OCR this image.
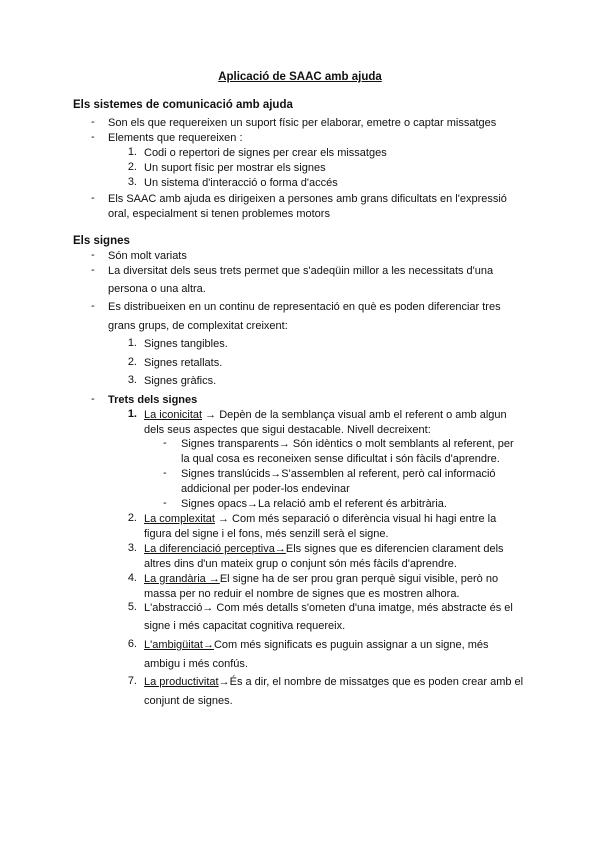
Aplicació de SAAC amb ajuda
Els sistemes de comunicació amb ajuda
- Son els que requereixen un suport físic per elaborar, emetre o captar missatges
- Elements que requereixen :
1. Codi o repertori de signes per crear els missatges
2. Un suport físic per mostrar els signes
3. Un sistema d'interacció o forma d'accés
- Els SAAC amb ajuda es dirigeixen a persones amb grans dificultats en l'expressió
oral, especialment si tenen problemes motors
Els signes
- Són molt variats
- La diversitat dels seus trets permet que s'adeqüin millor a les necessitats d'una
persona o una altra.
- Es distribueixen en un continu de representació en què es poden diferenciar tres
grans grups, de complexitat creixent:
1. Signes tangibles.
2. Signes retallats.
3. Signes gràfics.
- Trets dels signes
1. La iconicitat → Depèn de la semblança visual amb el referent o amb algun
dels seus aspectes que sigui destacable. Nivell decreixent:
- Signes transparents→ Són idèntics o molt semblants al referent, per
la qual cosa es reconeixen sense dificultat i són fàcils d'aprendre.
- Signes translúcids→S'assemblen al referent, però cal informació
addicional per poder-los endevinar
- Signes opacs→La relació amb el referent és arbitrària.
2. La complexitat → Com més separació o diferència visual hi hagi entre la
figura del signe i el fons, més senzill serà el signe.
3. La diferenciació perceptiva→Els signes que es diferencien clarament dels
altres dins d'un mateix grup o conjunt són més fàcils d'aprendre.
4. La grandària →El signe ha de ser prou gran perquè sigui visible, però no
massa per no reduir el nombre de signes que es mostren alhora.
5. L'abstracció→ Com més detalls s'ometen d'una imatge, més abstracte és el
signe i més capacitat cognitiva requereix.
6. L'ambigüitat→Com més significats es puguin assignar a un signe, més
ambigu i més confús.
7. La productivitat→És a dir, el nombre de missatges que es poden crear amb el
conjunt de signes.
